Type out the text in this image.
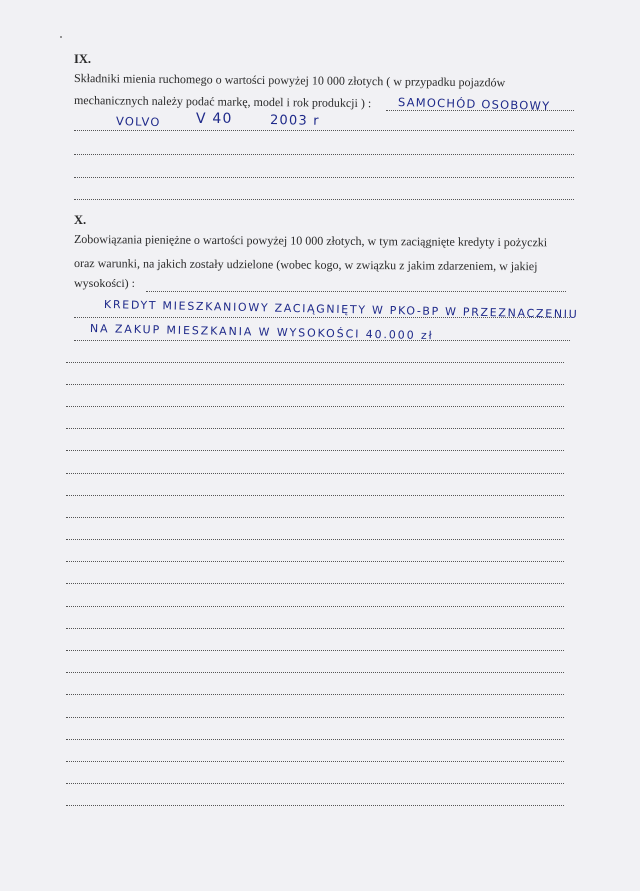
IX.
Składniki mienia ruchomego o wartości powyżej 10 000 złotych ( w przypadku pojazdów
mechanicznych należy podać markę, model i rok produkcji ) : SAMOCHÓD OSOBOWY
VOLVO	V 40	2003 r
X.
Zobowiązania pieniężne o wartości powyżej 10 000 złotych, w tym zaciągnięte kredyty i pożyczki
oraz warunki, na jakich zostały udzielone (wobec kogo, w związku z jakim zdarzeniem, w jakiej
wysokości) :
KREDYT MIESZKANIOWY ZACIĄGNIĘTY W PKO-BP W PRZEZNACZENIU
NA ZAKUP MIESZKANIA W WYSOKOŚCI 40.000 zł
